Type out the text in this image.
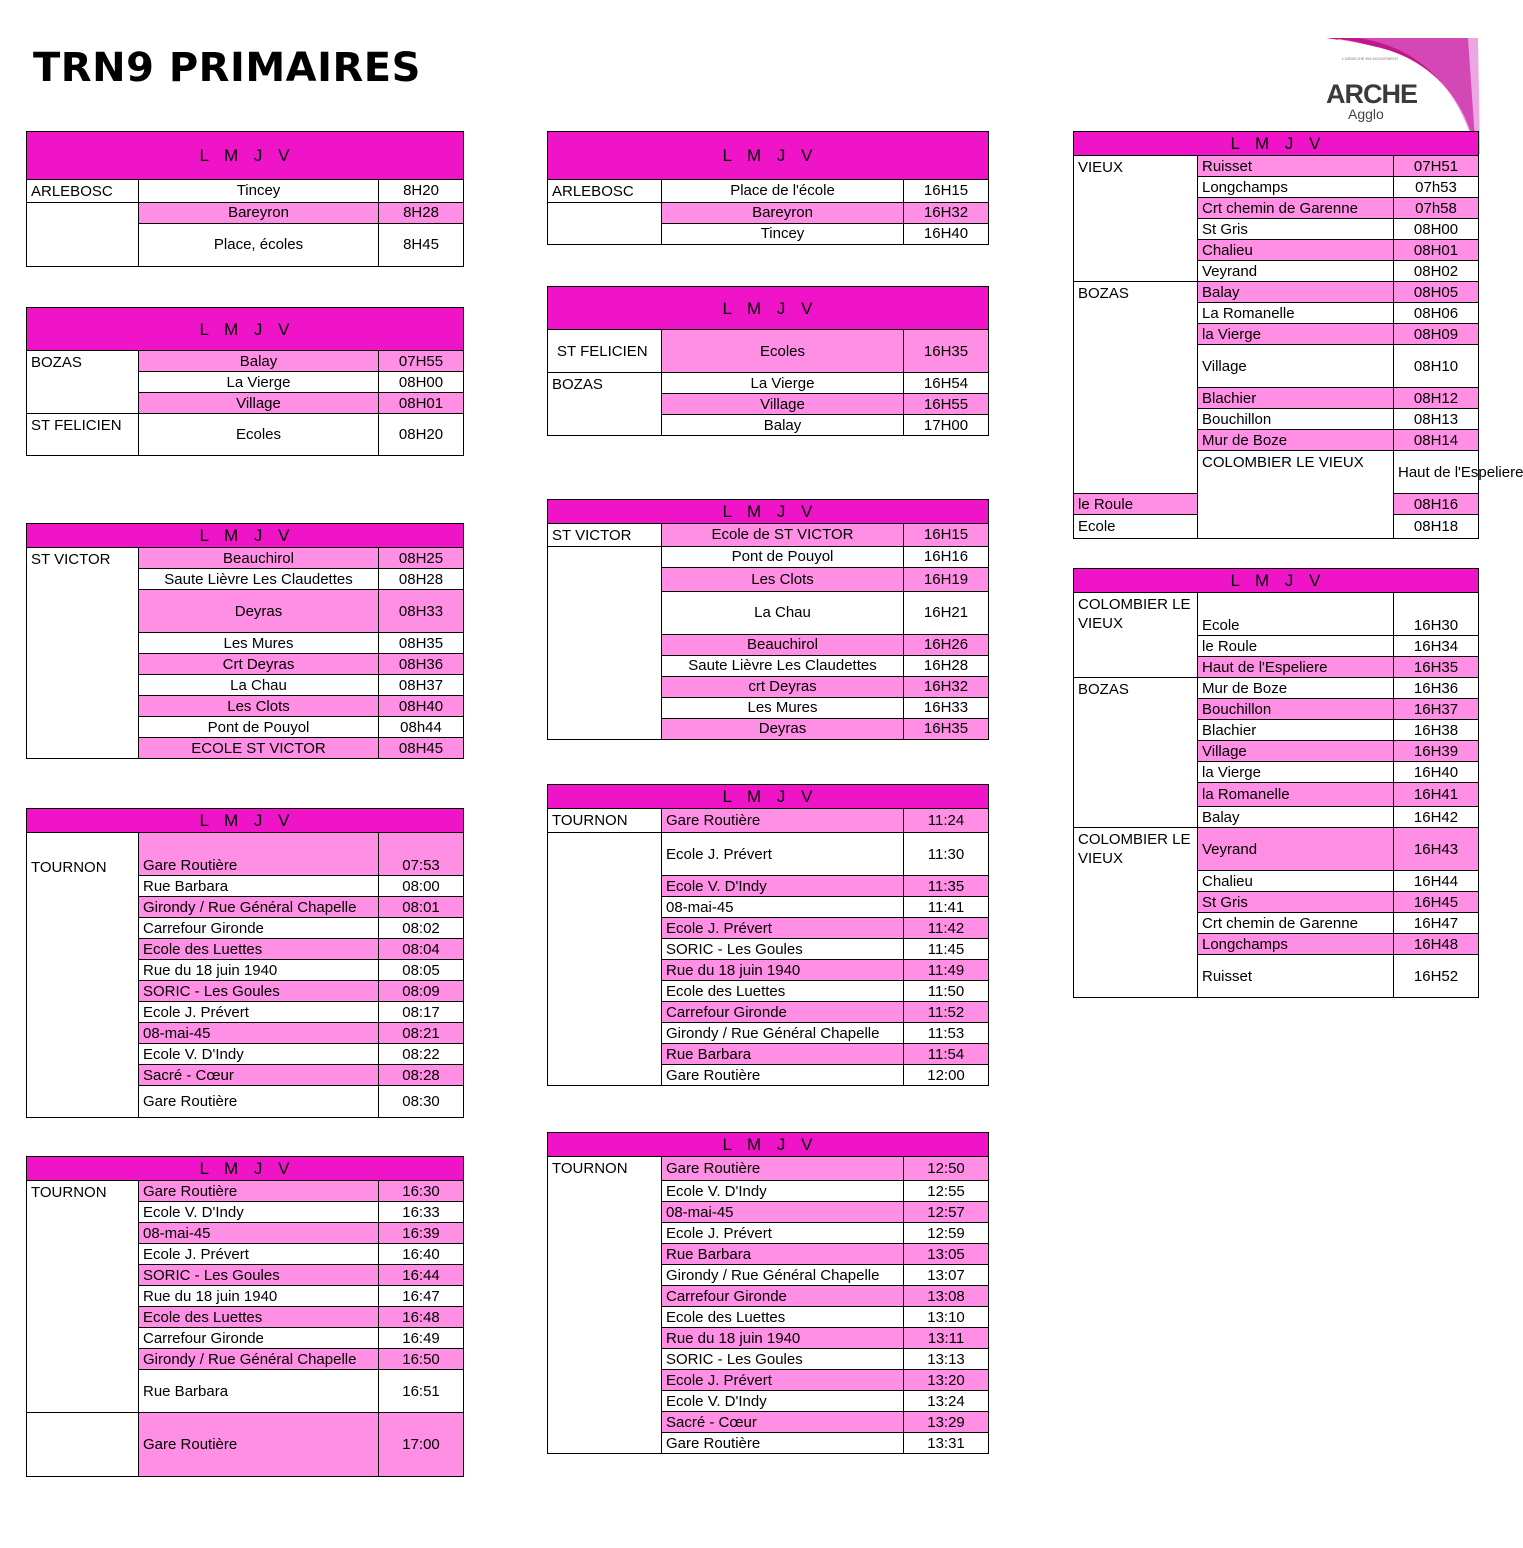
TRN9 PRIMAIRES	L'ARDECHE EN MOUVEMENT
ARCHE
Agglo
L M J V		
ARLEBOSC	Tincey	8H20
	Bareyron	8H28
	Place, écoles	8H45
L M J V		
BOZAS	Balay	07H55
	La Vierge	08H00
	Village	08H01
ST FELICIEN	Ecoles	08H20
L M J V		
ST VICTOR	Beauchirol	08H25
	Saute Lièvre Les Claudettes	08H28
	Deyras	08H33
	Les Mures	08H35
	Crt Deyras	08H36
	La Chau	08H37
	Les Clots	08H40
	Pont de Pouyol	08h44
	ECOLE ST VICTOR	08H45
L M J V		
TOURNON	Gare Routière	07:53
	Rue Barbara	08:00
	Girondy / Rue Général Chapelle	08:01
	Carrefour Gironde	08:02
	Ecole des Luettes	08:04
	Rue du 18 juin 1940	08:05
	SORIC - Les Goules	08:09
	Ecole J. Prévert	08:17
	08-mai-45	08:21
	Ecole V. D'Indy	08:22
	Sacré - Cœur	08:28
	Gare Routière	08:30
L M J V		
TOURNON	Gare Routière	16:30
	Ecole V. D'Indy	16:33
	08-mai-45	16:39
	Ecole J. Prévert	16:40
	SORIC - Les Goules	16:44
	Rue du 18 juin 1940	16:47
	Ecole des Luettes	16:48
	Carrefour Gironde	16:49
	Girondy / Rue Général Chapelle	16:50
	Rue Barbara	16:51
	Gare Routière	17:00
L M J V		
ARLEBOSC	Place de l'école	16H15
	Bareyron	16H32
	Tincey	16H40
L M J V		
ST FELICIEN	Ecoles	16H35
BOZAS	La Vierge	16H54
	Village	16H55
	Balay	17H00
L M J V		
ST VICTOR	Ecole de ST VICTOR	16H15
	Pont de Pouyol	16H16
	Les Clots	16H19
	La Chau	16H21
	Beauchirol	16H26
	Saute Lièvre Les Claudettes	16H28
	crt Deyras	16H32
	Les Mures	16H33
	Deyras	16H35
L M J V		
TOURNON	Gare Routière	11:24
	Ecole J. Prévert	11:30
	Ecole V. D'Indy	11:35
	08-mai-45	11:41
	Ecole J. Prévert	11:42
	SORIC - Les Goules	11:45
	Rue du 18 juin 1940	11:49
	Ecole des Luettes	11:50
	Carrefour Gironde	11:52
	Girondy / Rue Général Chapelle	11:53
	Rue Barbara	11:54
	Gare Routière	12:00
L M J V		
TOURNON	Gare Routière	12:50
	Ecole V. D'Indy	12:55
	08-mai-45	12:57
	Ecole J. Prévert	12:59
	Rue Barbara	13:05
	Girondy / Rue Général Chapelle	13:07
	Carrefour Gironde	13:08
	Ecole des Luettes	13:10
	Rue du 18 juin 1940	13:11
	SORIC - Les Goules	13:13
	Ecole J. Prévert	13:20
	Ecole V. D'Indy	13:24
	Sacré - Cœur	13:29
	Gare Routière	13:31
L M J V			
VIEUX	Ruisset	07H51	
	Longchamps	07h53	
	Crt chemin de Garenne	07h58	
	St Gris	08H00	
	Chalieu	08H01	
	Veyrand	08H02	
BOZAS	Balay	08H05	
	La Romanelle	08H06	
	la Vierge	08H09	
	Village	08H10	
	Blachier	08H12	
	Bouchillon	08H13	
	Mur de Boze	08H14	
	COLOMBIER LE VIEUX	Haut de l'Espeliere	
le Roule		08H16	
Ecole		08H18	
L M J V		
COLOMBIER LE VIEUX	Ecole	16H30
	le Roule	16H34
	Haut de l'Espeliere	16H35
BOZAS	Mur de Boze	16H36
	Bouchillon	16H37
	Blachier	16H38
	Village	16H39
	la Vierge	16H40
	la Romanelle	16H41
	Balay	16H42
COLOMBIER LE VIEUX	Veyrand	16H43
	Chalieu	16H44
	St Gris	16H45
	Crt chemin de Garenne	16H47
	Longchamps	16H48
	Ruisset	16H52
